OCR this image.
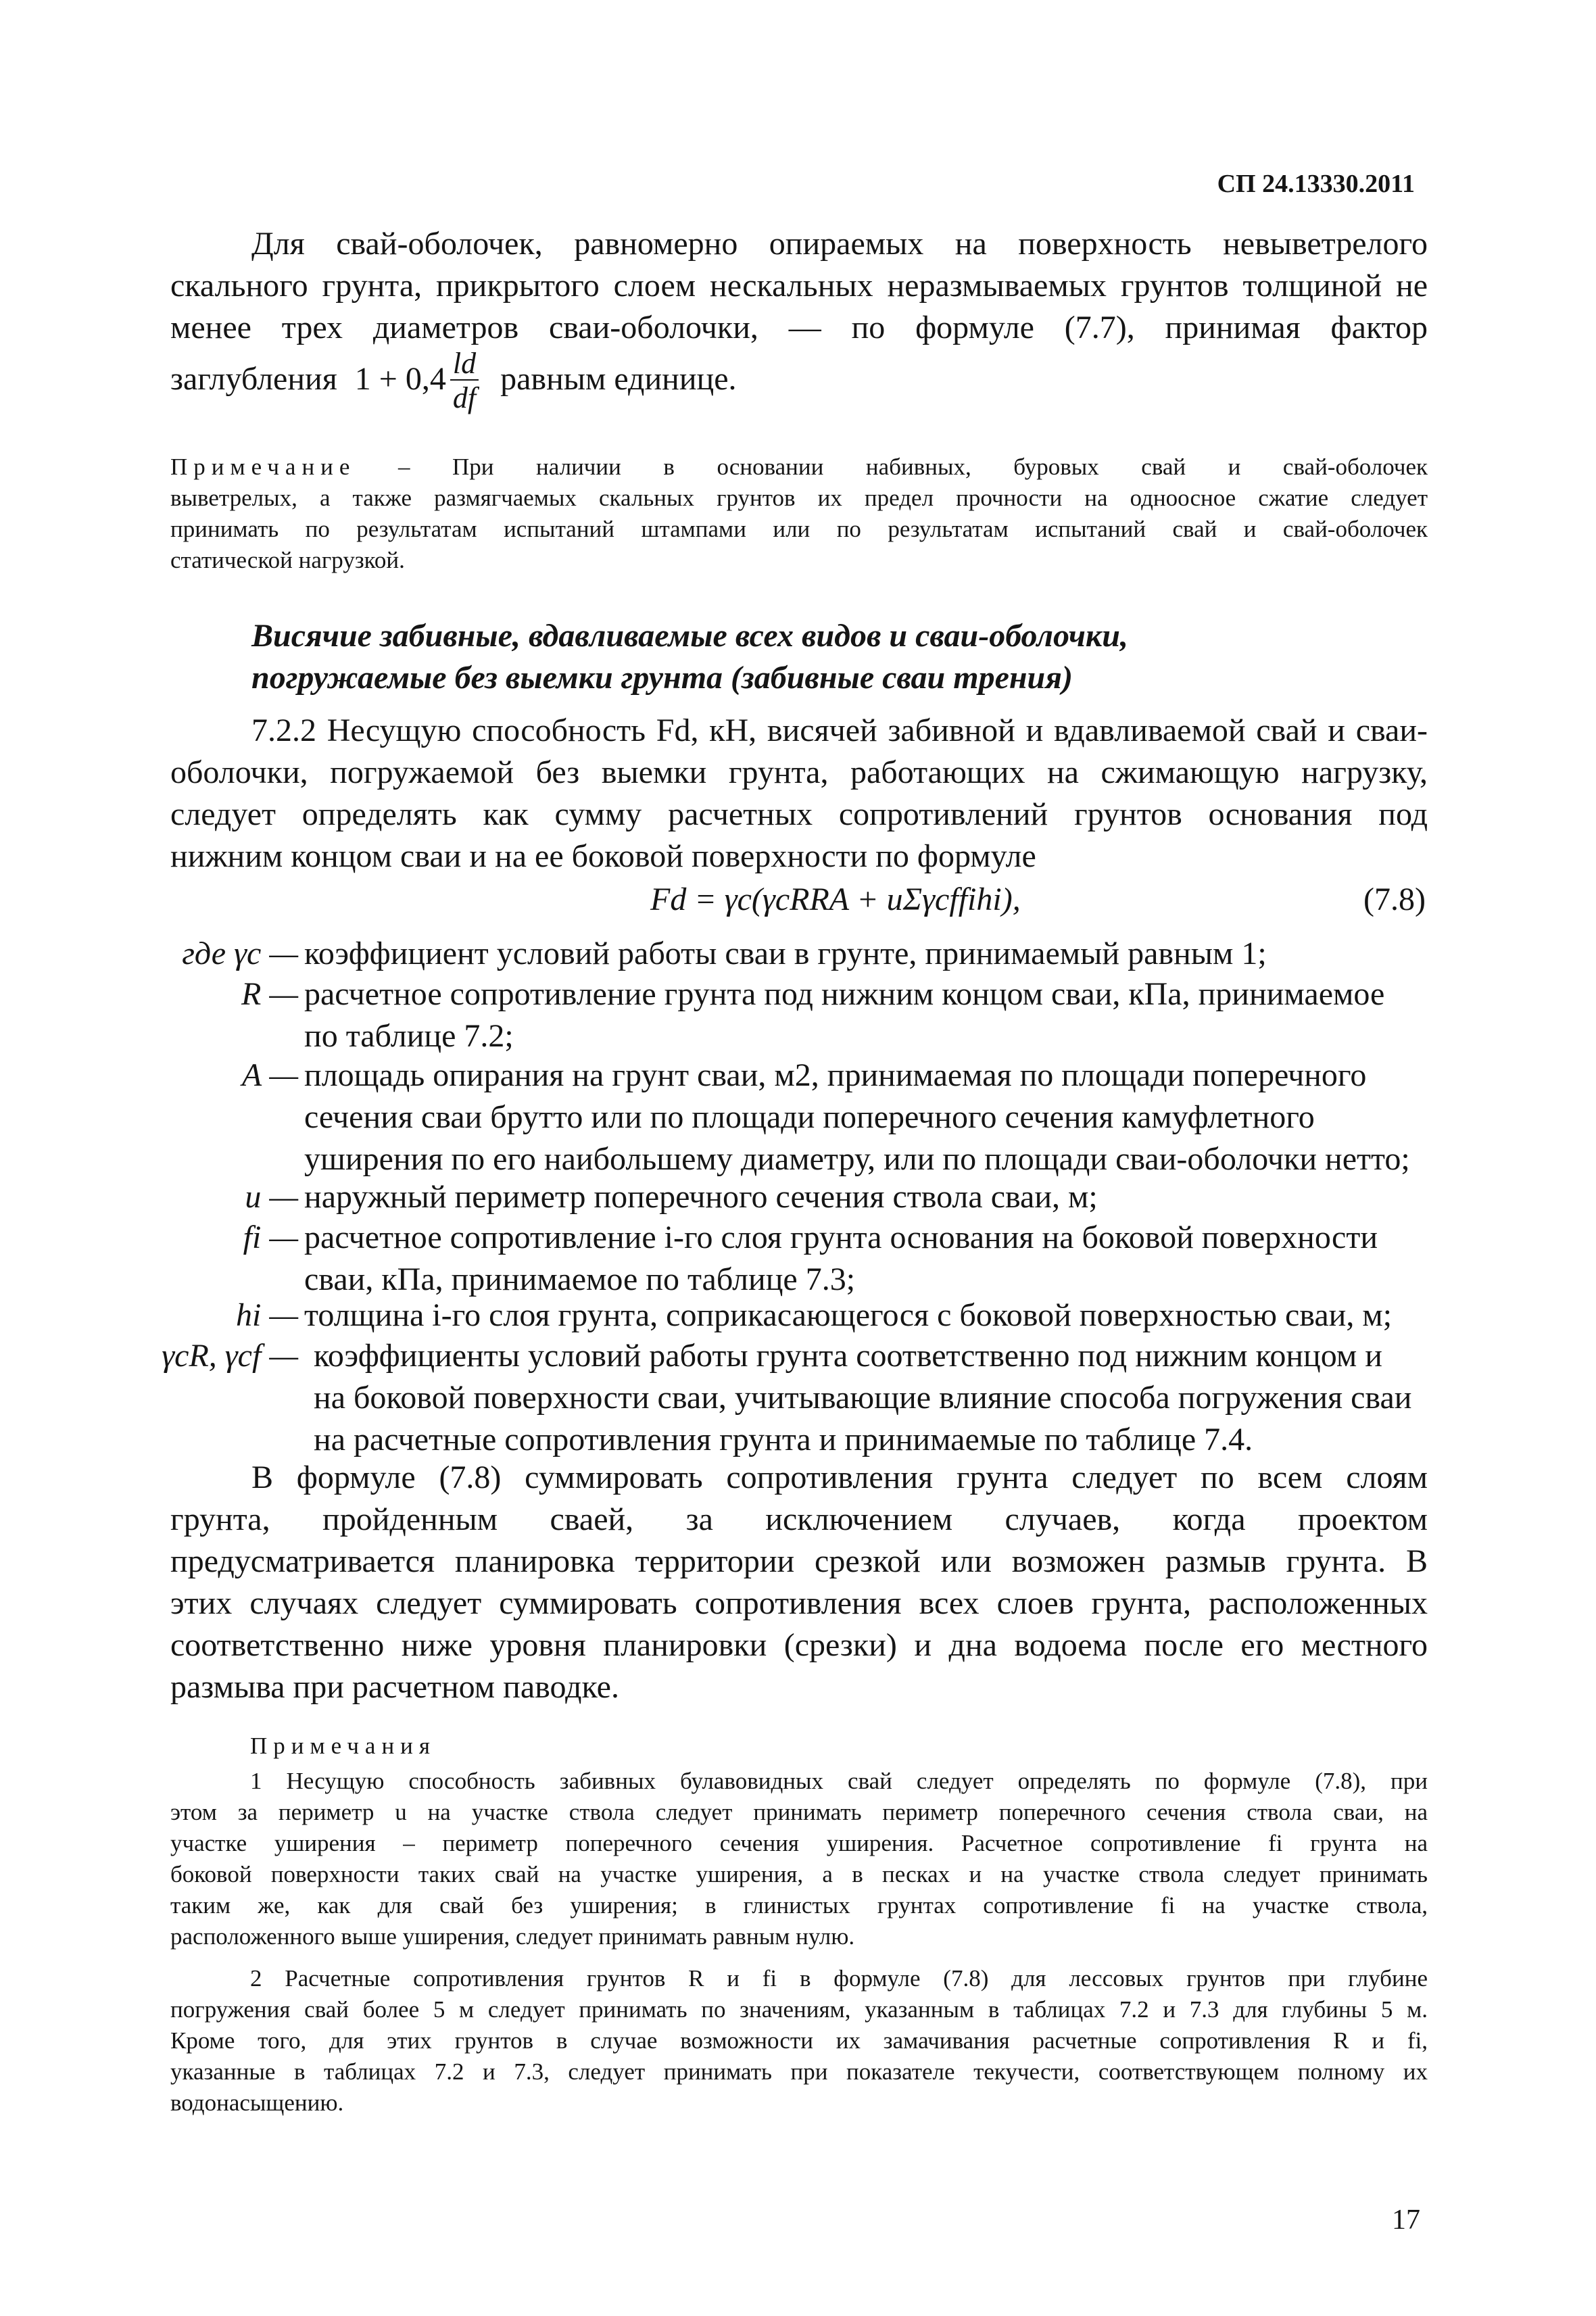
СП 24.13330.2011
Для свай-оболочек, равномерно опираемых на поверхность невыветрелого
скального грунта, прикрытого слоем нескальных неразмываемых грунтов толщиной не
менее трех диаметров сваи-оболочки, — по формуле (7.7), принимая фактор
заглубления $1 + 0,4 \frac{ld}{df}$ равным единице.
Примечание – При наличии в основании набивных, буровых свай и свай-оболочек
выветрелых, а также размягчаемых скальных грунтов их предел прочности на одноосное сжатие следует
принимать по результатам испытаний штампами или по результатам испытаний свай и свай-оболочек
статической нагрузкой.
Висячие забивные, вдавливаемые всех видов и сваи-оболочки,
погружаемые без выемки грунта (забивные сваи трения)
7.2.2 Несущую способность Fd, кН, висячей забивной и вдавливаемой свай и сваи-
оболочки, погружаемой без выемки грунта, работающих на сжимающую нагрузку,
следует определять как сумму расчетных сопротивлений грунтов основания под
нижним концом сваи и на ее боковой поверхности по формуле
Fd = γc(γcRRA + uΣγcffihi),	(7.8)
где γc — коэффициент условий работы сваи в грунте, принимаемый равным 1;
R — расчетное сопротивление грунта под нижним концом сваи, кПа, принимаемое
по таблице 7.2;
A — площадь опирания на грунт сваи, м2, принимаемая по площади поперечного
сечения сваи брутто или по площади поперечного сечения камуфлетного
уширения по его наибольшему диаметру, или по площади сваи-оболочки нетто;
u — наружный периметр поперечного сечения ствола сваи, м;
fi — расчетное сопротивление i-го слоя грунта основания на боковой поверхности
сваи, кПа, принимаемое по таблице 7.3;
hi — толщина i-го слоя грунта, соприкасающегося с боковой поверхностью сваи, м;
γcR, γcf — коэффициенты условий работы грунта соответственно под нижним концом и
на боковой поверхности сваи, учитывающие влияние способа погружения сваи
на расчетные сопротивления грунта и принимаемые по таблице 7.4.
В формуле (7.8) суммировать сопротивления грунта следует по всем слоям
грунта, пройденным сваей, за исключением случаев, когда проектом
предусматривается планировка территории срезкой или возможен размыв грунта. В
этих случаях следует суммировать сопротивления всех слоев грунта, расположенных
соответственно ниже уровня планировки (срезки) и дна водоема после его местного
размыва при расчетном паводке.
Примечания
1 Несущую способность забивных булавовидных свай следует определять по формуле (7.8), при
этом за периметр u на участке ствола следует принимать периметр поперечного сечения ствола сваи, на
участке уширения – периметр поперечного сечения уширения. Расчетное сопротивление fi грунта на
боковой поверхности таких свай на участке уширения, а в песках и на участке ствола следует принимать
таким же, как для свай без уширения; в глинистых грунтах сопротивление fi на участке ствола,
расположенного выше уширения, следует принимать равным нулю.
2 Расчетные сопротивления грунтов R и fi в формуле (7.8) для лессовых грунтов при глубине
погружения свай более 5 м следует принимать по значениям, указанным в таблицах 7.2 и 7.3 для глубины 5 м.
Кроме того, для этих грунтов в случае возможности их замачивания расчетные сопротивления R и fi,
указанные в таблицах 7.2 и 7.3, следует принимать при показателе текучести, соответствующем полному их
водонасыщению.
17
